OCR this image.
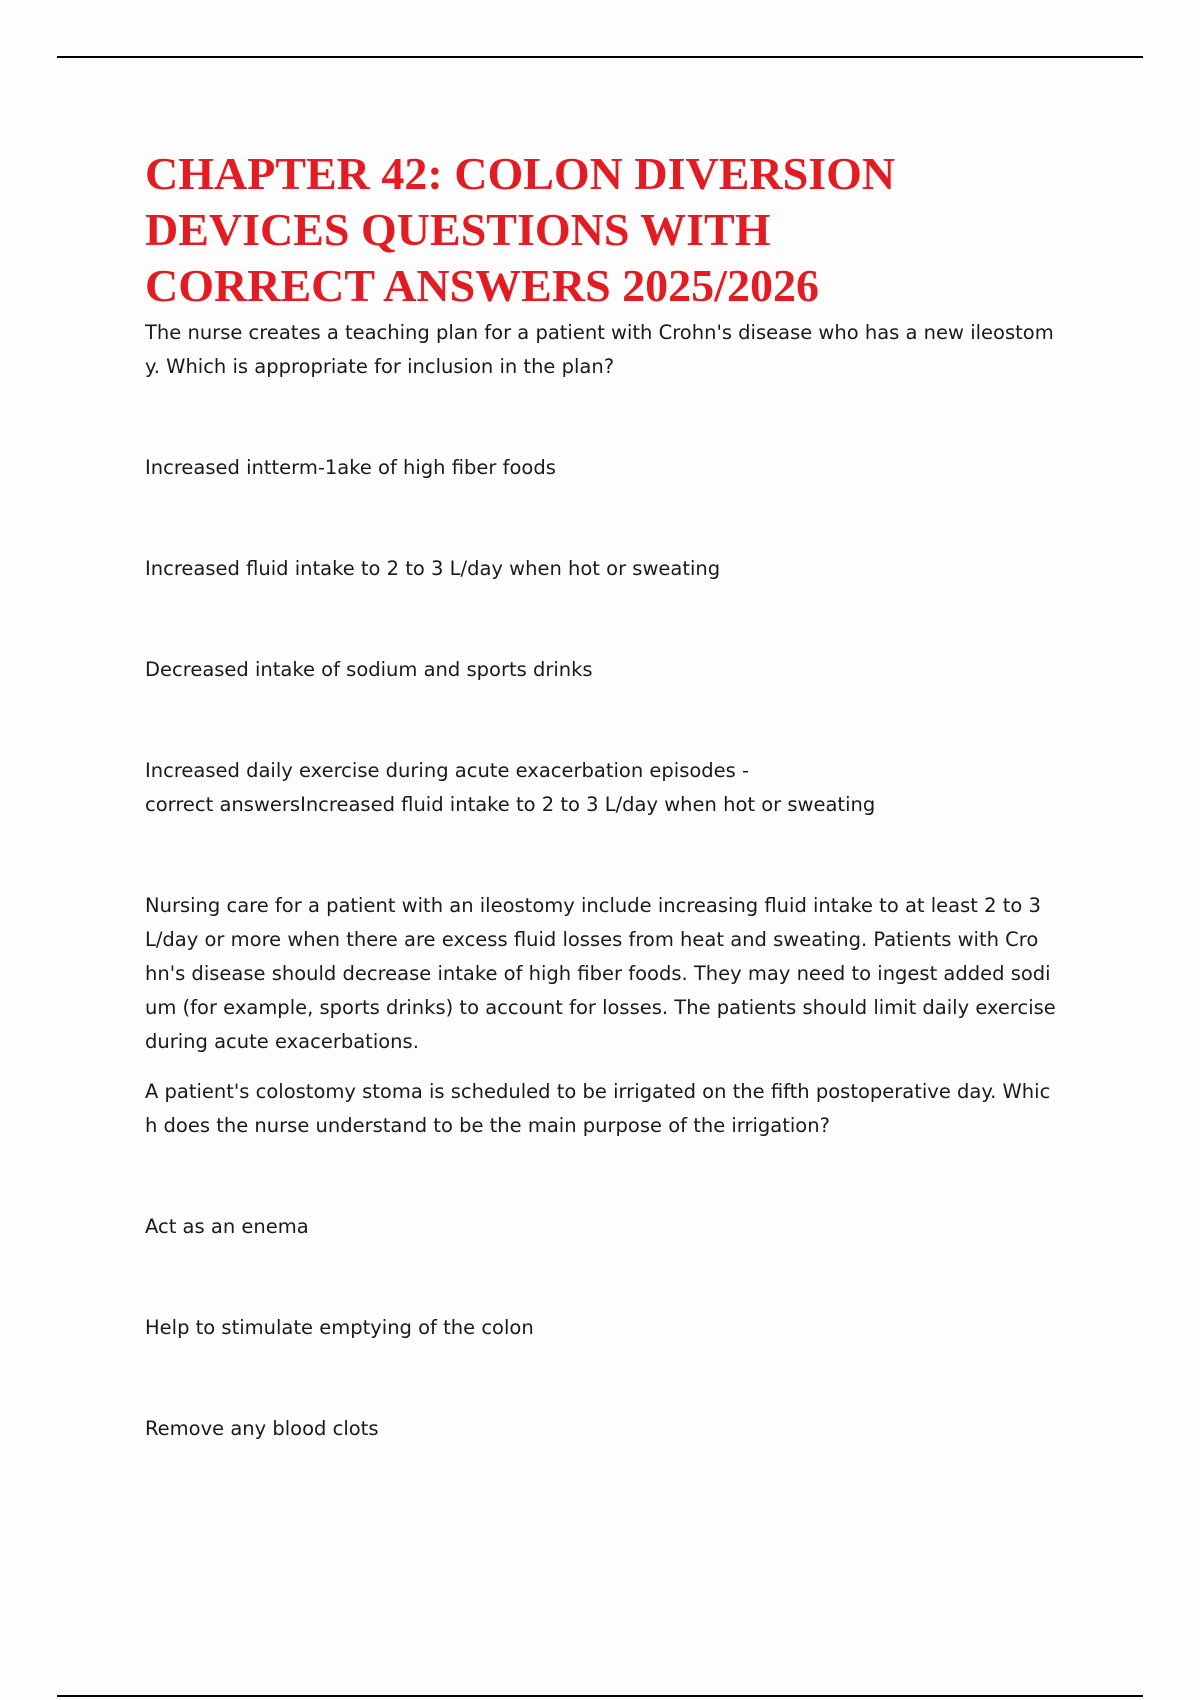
CHAPTER 42: COLON DIVERSION
DEVICES QUESTIONS WITH
CORRECT ANSWERS 2025/2026

The nurse creates a teaching plan for a patient with Crohn's disease who has a new ileostom
y. Which is appropriate for inclusion in the plan?

Increased intterm-1ake of high fiber foods

Increased fluid intake to 2 to 3 L/day when hot or sweating

Decreased intake of sodium and sports drinks

Increased daily exercise during acute exacerbation episodes -
correct answersIncreased fluid intake to 2 to 3 L/day when hot or sweating

Nursing care for a patient with an ileostomy include increasing fluid intake to at least 2 to 3
L/day or more when there are excess fluid losses from heat and sweating. Patients with Cro
hn's disease should decrease intake of high fiber foods. They may need to ingest added sodi
um (for example, sports drinks) to account for losses. The patients should limit daily exercise
during acute exacerbations.

A patient's colostomy stoma is scheduled to be irrigated on the fifth postoperative day. Whic
h does the nurse understand to be the main purpose of the irrigation?

Act as an enema

Help to stimulate emptying of the colon

Remove any blood clots
